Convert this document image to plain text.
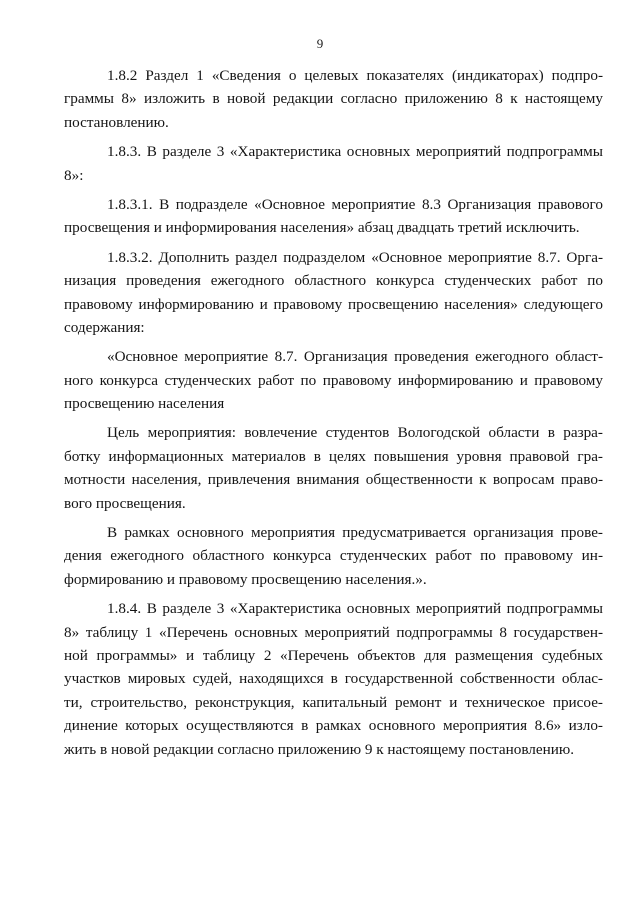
9
1.8.2 Раздел 1 «Сведения о целевых показателях (индикаторах) подпро-
граммы 8» изложить в новой редакции согласно приложению 8 к настоящему
постановлению.
1.8.3. В разделе 3 «Характеристика основных мероприятий подпрограммы
8»:
1.8.3.1. В подразделе «Основное мероприятие 8.3 Организация правового
просвещения и информирования населения» абзац двадцать третий исключить.
1.8.3.2. Дополнить раздел подразделом «Основное мероприятие 8.7. Орга-
низация проведения ежегодного областного конкурса студенческих работ по
правовому информированию и правовому просвещению населения» следующего
содержания:
«Основное мероприятие 8.7. Организация проведения ежегодного област-
ного конкурса студенческих работ по правовому информированию и правовому
просвещению населения
Цель мероприятия: вовлечение студентов Вологодской области в разра-
ботку информационных материалов в целях повышения уровня правовой гра-
мотности населения, привлечения внимания общественности к вопросам право-
вого просвещения.
В рамках основного мероприятия предусматривается организация прове-
дения ежегодного областного конкурса студенческих работ по правовому ин-
формированию и правовому просвещению населения.».
1.8.4. В разделе 3 «Характеристика основных мероприятий подпрограммы
8» таблицу 1 «Перечень основных мероприятий подпрограммы 8 государствен-
ной программы» и таблицу 2 «Перечень объектов для размещения судебных
участков мировых судей, находящихся в государственной собственности облас-
ти, строительство, реконструкция, капитальный ремонт и техническое присое-
динение которых осуществляются в рамках основного мероприятия 8.6» изло-
жить в новой редакции согласно приложению 9 к настоящему постановлению.
